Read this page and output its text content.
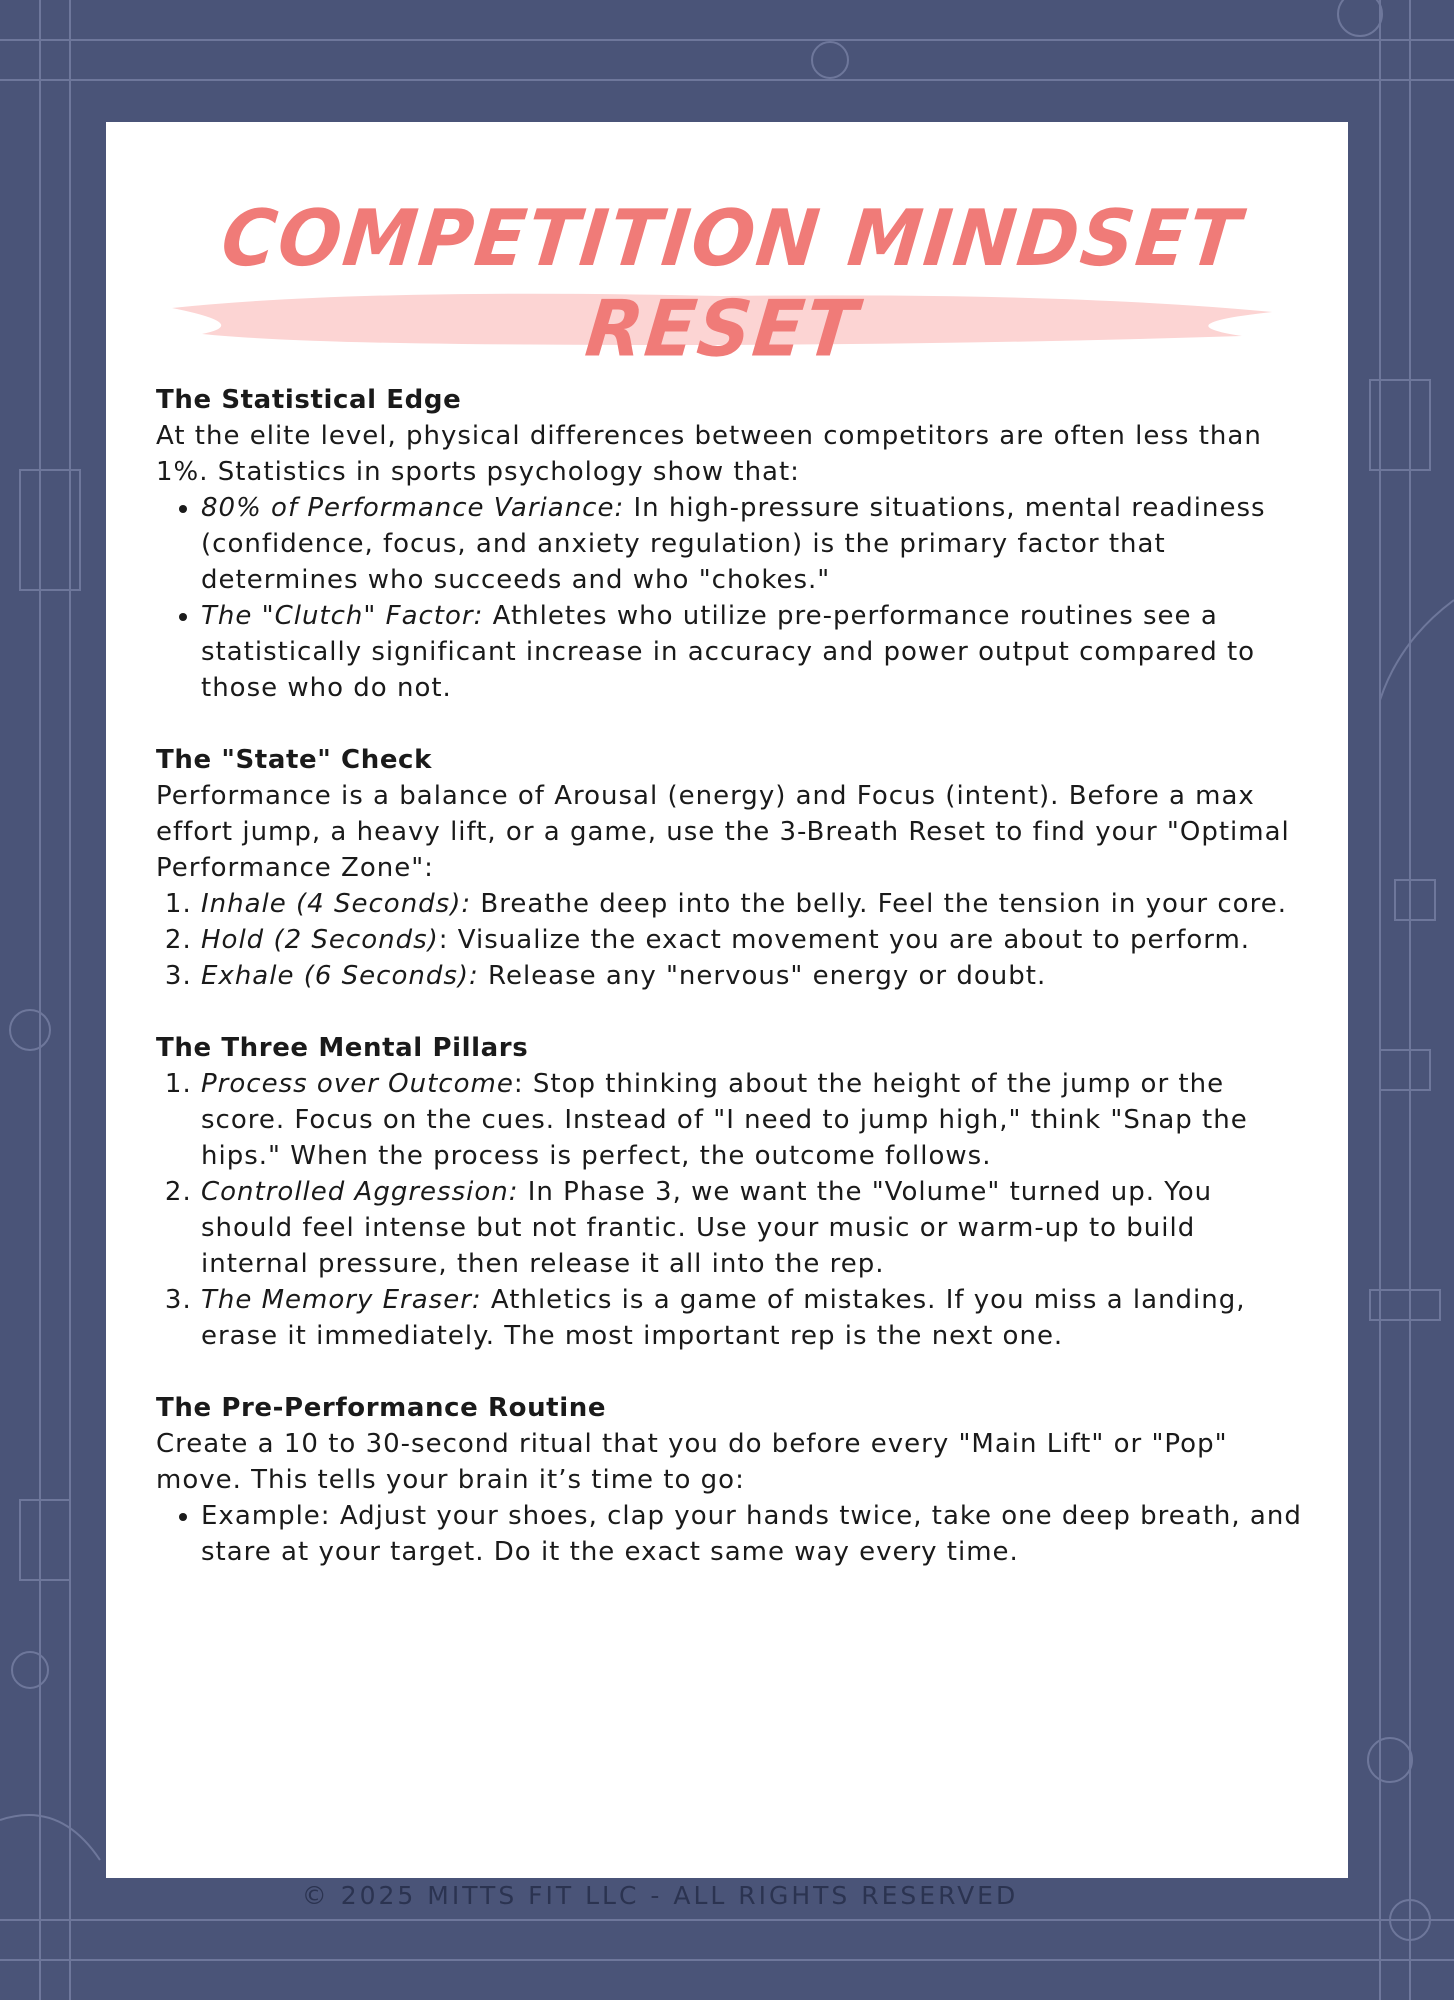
COMPETITION MINDSET RESET
The Statistical Edge

At the elite level, physical differences between competitors are often less than 1%. Statistics in sports psychology show that:

• 80% of Performance Variance: In high-pressure situations, mental readiness (confidence, focus, and anxiety regulation) is the primary factor that determines who succeeds and who "chokes."
• The "Clutch" Factor: Athletes who utilize pre-performance routines see a statistically significant increase in accuracy and power output compared to those who do not.
The "State" Check

Performance is a balance of Arousal (energy) and Focus (intent). Before a max effort jump, a heavy lift, or a game, use the 3-Breath Reset to find your "Optimal Performance Zone":

1. Inhale (4 Seconds): Breathe deep into the belly. Feel the tension in your core.
2. Hold (2 Seconds): Visualize the exact movement you are about to perform.
3. Exhale (6 Seconds): Release any "nervous" energy or doubt.
The Three Mental Pillars
1. Process over Outcome: Stop thinking about the height of the jump or the score. Focus on the cues. Instead of "I need to jump high," think "Snap the hips." When the process is perfect, the outcome follows.
2. Controlled Aggression: In Phase 3, we want the "Volume" turned up. You should feel intense but not frantic. Use your music or warm-up to build internal pressure, then release it all into the rep.
3. The Memory Eraser: Athletics is a game of mistakes. If you miss a landing, erase it immediately. The most important rep is the next one.
The Pre-Performance Routine

Create a 10 to 30-second ritual that you do before every "Main Lift" or "Pop" move. This tells your brain it’s time to go:

• Example: Adjust your shoes, clap your hands twice, take one deep breath, and stare at your target. Do it the exact same way every time.
© 2025 MITTS FIT LLC - ALL RIGHTS RESERVED
